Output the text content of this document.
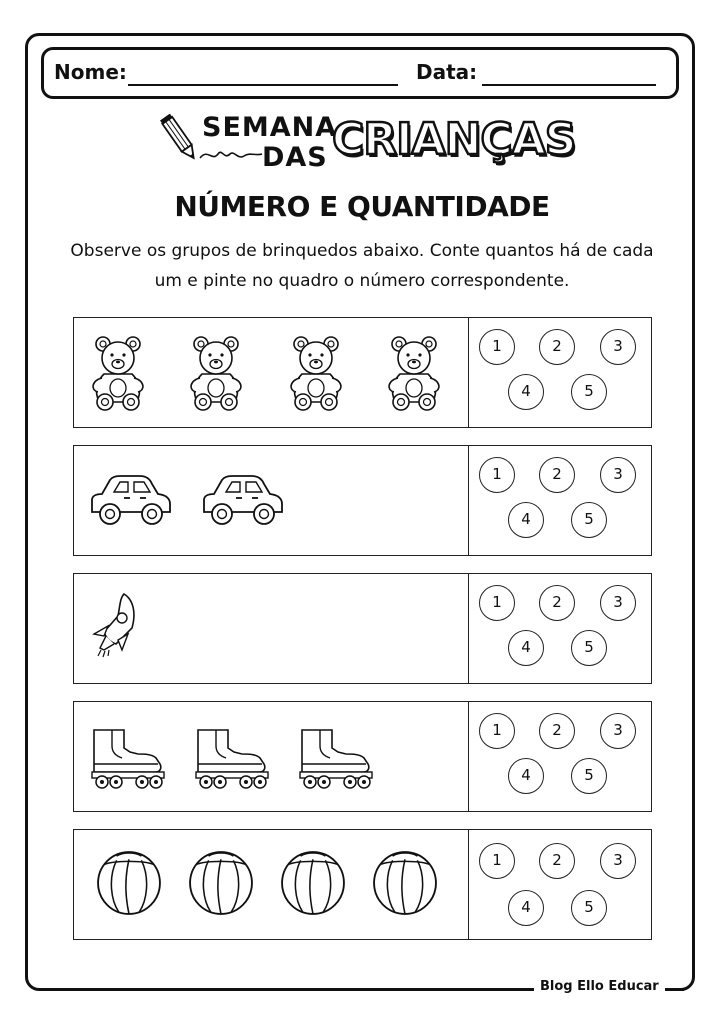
Nome:	Data:
SEMANA
DAS CRIANÇAS
NÚMERO E QUANTIDADE
Observe os grupos de brinquedos abaixo. Conte quantos há de cada um e pinte no quadro o número correspondente.
1	2	3
4	5
1	2	3
4	5
1	2	3
4	5
1	2	3
4	5
1	2	3
4	5
Blog Ello Educar
